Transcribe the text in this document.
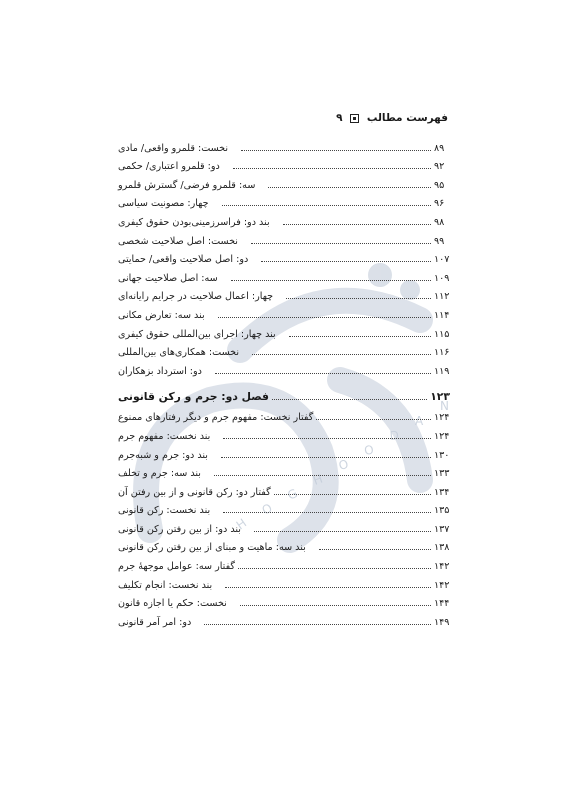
H
O
G
H
O
O
D
A
N
فهرست مطالب  ۹
نخست: قلمرو واقعی/ مادی	۸۹
دو: قلمرو اعتباری/ حکمی	۹۲
سه: قلمرو فرضی/ گسترش قلمرو	۹۵
چهار: مصونیت سیاسی	۹۶
بند دو: فراسرزمینی‌بودن حقوق کیفری	۹۸
نخست: اصل صلاحیت شخصی	۹۹
دو: اصل صلاحیت واقعی/ حمایتی	۱۰۷
سه: اصل صلاحیت جهانی	۱۰۹
چهار: اعمال صلاحیت در جرایم رایانه‌ای	۱۱۲
بند سه: تعارض مکانی	۱۱۴
بند چهار: اجرای بین‌المللی حقوق کیفری	۱۱۵
نخست: همکاری‌های بین‌المللی	۱۱۶
دو: استرداد بزهکاران	۱۱۹
فصل دو: جرم و رکن قانونی	۱۲۳
گفتار نخست: مفهوم جرم و دیگر رفتارهای ممنوع	۱۲۴
بند نخست: مفهوم جرم	۱۲۴
بند دو: جرم و شبه‌جرم	۱۳۰
بند سه: جرم و تخلف	۱۳۳
گفتار دو: رکن قانونی و از بین رفتن آن	۱۳۴
بند نخست: رکن قانونی	۱۳۵
بند دو: از بین رفتن رکن قانونی	۱۳۷
بند سه: ماهیت و مبنای از بین رفتن رکن قانونی	۱۳۸
گفتار سه: عوامل موجهه‌ٔ جرم	۱۴۲
بند نخست: انجام تکلیف	۱۴۲
نخست: حکم یا اجازه قانون	۱۴۴
دو: امر آمر قانونی	۱۴۹
